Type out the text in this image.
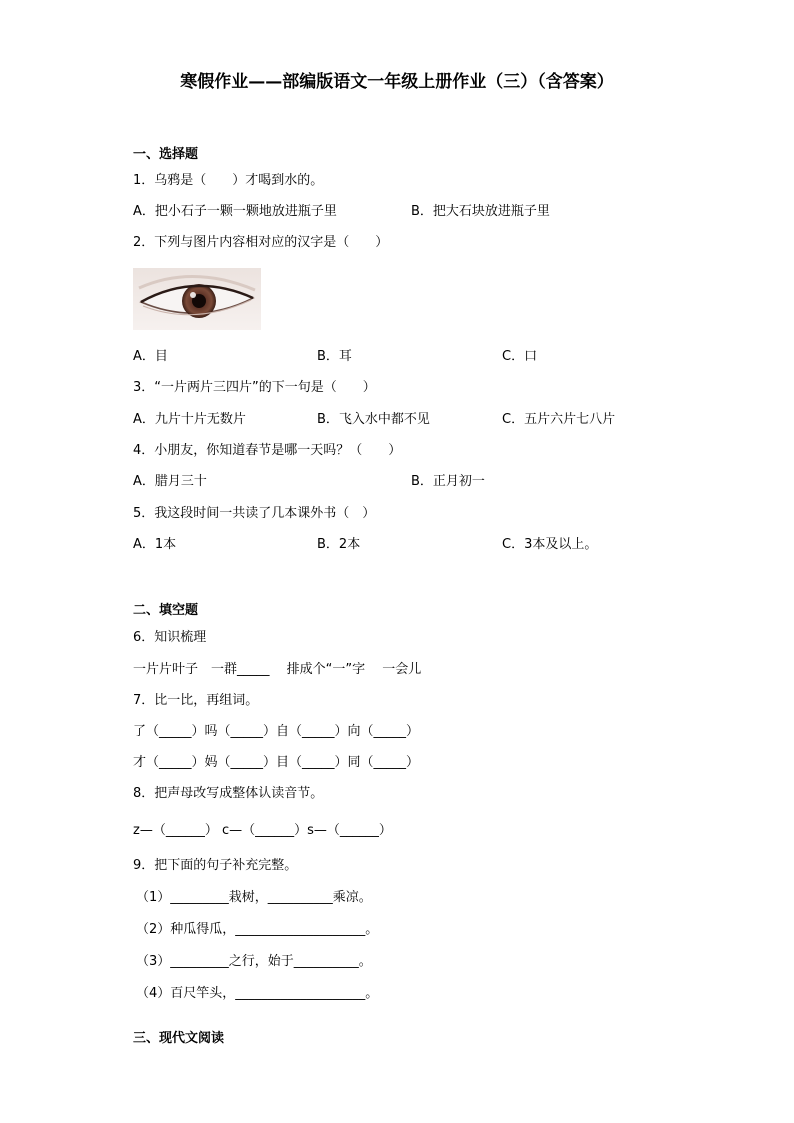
寒假作业——部编版语文一年级上册作业（三）（含答案）
一、选择题
1．乌鸦是（　　）才喝到水的。
A．把小石子一颗一颗地放进瓶子里	B．把大石块放进瓶子里
2．下列与图片内容相对应的汉字是（　　）
A．目	B．耳	C．口
3．“一片两片三四片”的下一句是（　　）
A．九片十片无数片	B．飞入水中都不见	C．五片六片七八片
4．小朋友，你知道春节是哪一天吗？（　　）
A．腊月三十	B．正月初一
5．我这段时间一共读了几本课外书（　）
A．1本	B．2本	C．3本及以上。
二、填空题
6．知识梳理
一片片叶子　一群_____　 排成个“一”字　 一会儿
7．比一比，再组词。
了（_____）吗（_____）自（_____）向（_____）
才（_____）妈（_____）目（_____）同（_____）
8．把声母改写成整体认读音节。
z—（______） c—（______）s—（______）
9．把下面的句子补充完整。
（1）_________栽树，__________乘凉。
（2）种瓜得瓜，____________________。
（3）_________之行，始于__________。
（4）百尺竿头，____________________。
三、现代文阅读
